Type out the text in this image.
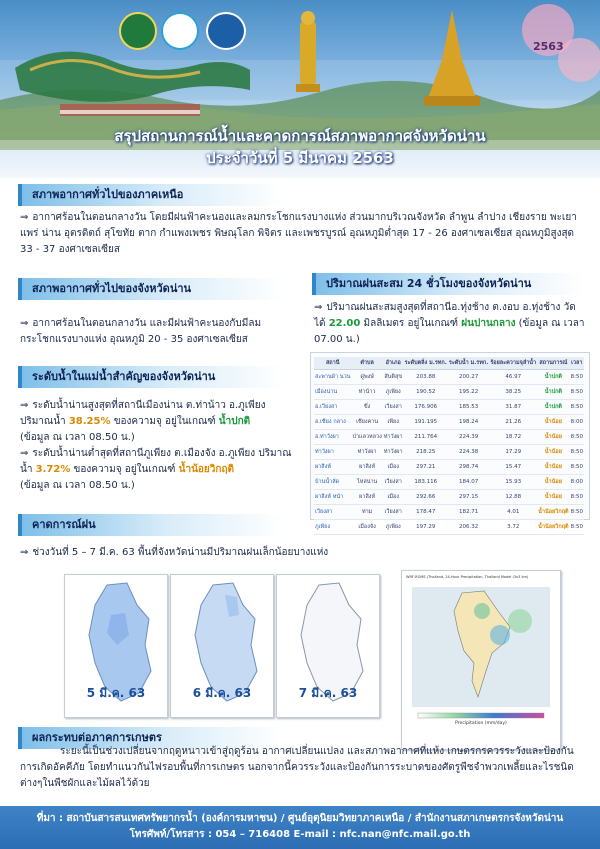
2563
สรุปสถานการณ์น้ำและคาดการณ์สภาพอากาศจังหวัดน่าน
ประจำวันที่ 5 มีนาคม 2563
สภาพอากาศทั่วไปของภาคเหนือ
⇒ อากาศร้อนในตอนกลางวัน โดยมีฝนฟ้าคะนองและลมกระโชกแรงบางแห่ง ส่วนมากบริเวณจังหวัด ลำพูน ลำปาง เชียงราย พะเยา แพร่ น่าน อุตรดิตถ์ สุโขทัย ตาก กำแพงเพชร พิษณุโลก พิจิตร และเพชรบูรณ์ อุณหภูมิต่ำสุด 17 - 26 องศาเซลเซียส อุณหภูมิสูงสุด 33 - 37 องศาเซลเซียส
สภาพอากาศทั่วไปของจังหวัดน่าน
⇒ อากาศร้อนในตอนกลางวัน และมีฝนฟ้าคะนองกับมีลมกระโชกแรงบางแห่ง อุณหภูมิ 20 - 35 องศาเซลเซียส
ระดับน้ำในแม่น้ำสำคัญของจังหวัดน่าน
⇒ ระดับน้ำน่านสูงสุดที่สถานีเมืองน่าน ต.ท่าน้าว อ.ภูเพียง ปริมาณน้ำ 38.25% ของความจุ อยู่ในเกณฑ์ น้ำปกติ
(ข้อมูล ณ เวลา 08.50 น.)
⇒ ระดับน้ำน่านต่ำสุดที่สถานีภูเพียง ต.เมืองจัง อ.ภูเพียง ปริมาณน้ำ 3.72% ของความจุ อยู่ในเกณฑ์ น้ำน้อยวิกฤติ
(ข้อมูล ณ เวลา 08.50 น.)
ปริมาณฝนสะสม 24 ชั่วโมงของจังหวัดน่าน
⇒ ปริมาณฝนสะสมสูงสุดที่สถานีอ.ทุ่งช้าง ต.งอบ อ.ทุ่งช้าง วัดได้ 22.00 มิลลิเมตร อยู่ในเกณฑ์ ฝนปานกลาง (ข้อมูล ณ เวลา 07.00 น.)
สถานี	ตำบล	อำเภอ	ระดับตลิ่ง ม.รทก.	ระดับน้ำ ม.รทก.	ร้อยละความจุลำน้ำ	สถานการณ์	เวลา
สะพานผ้า นวน	ดู่พงษ์	สันติสุข	203.88	200.27	46.97	น้ำปกติ	8:50
เมืองน่าน	ท่าน้าว	ภูเพียง	190.52	195.22	38.25	น้ำปกติ	8:50
อ.เวียงสา	ขึ่ง	เวียงสา	176.906	185.53	31.87	น้ำปกติ	8:50
อ.เชียง กลาง	เชียงคาน	เพียง	191.195	198.24	21.26	น้ำน้อย	8:00
อ.ท่าวังผา	ป่าแลวหลวง	ท่าวังผา	211.764	224.39	18.72	น้ำน้อย	8:50
ท่าวังผา	ท่าวังผา	ท่าวังผา	218.25	224.38	17.29	น้ำน้อย	8:50
ผาสิงห์	ผาสิงห์	เมือง	297.21	298.74	15.47	น้ำน้อย	8:50
บ้านน้ำลัด	ไหล่น่าน	เวียงสา	183.116	184.07	15.93	น้ำน้อย	8:00
ผาสิงห์ หน้า	ผาสิงห์	เมือง	292.66	297.15	12.88	น้ำน้อย	8:50
เวียงสา	ท่าม	เวียงสา	178.47	182.71	4.01	น้ำน้อยวิกฤติ	8:50
ภูเพียง	เมืองจัง	ภูเพียง	197.29	206.32	3.72	น้ำน้อยวิกฤติ	8:50
คาดการณ์ฝน
⇒ ช่วงวันที่ 5 – 7 มี.ค. 63 พื้นที่จังหวัดน่านมีปริมาณฝนเล็กน้อยบางแห่ง
5 มี.ค. 63	6 มี.ค. 63	7 มี.ค. 63
WRF-ROMS (Thailand, 24-Hour Precipitation, Thailand Model (3x3 km)
Precipitation (mm/day)
ผลกระทบต่อภาคการเกษตร
ระยะนี้เป็นช่วงเปลี่ยนจากฤดูหนาวเข้าสู่ฤดูร้อน อากาศเปลี่ยนแปลง และสภาพอากาศที่แห้ง เกษตรกรควรระวังและป้องกันการเกิดอัคคีภัย โดยทำแนวกันไฟรอบพื้นที่การเกษตร นอกจากนี้ควรระวังและป้องกันการระบาดของศัตรูพืชจำพวกเพลี้ยและไรชนิดต่างๆในพืชผักและไม้ผลไว้ด้วย
ที่มา : สถาบันสารสนเทศทรัพยากรน้ำ (องค์การมหาชน) / ศูนย์อุตุนิยมวิทยาภาคเหนือ / สำนักงานสภาเกษตรกรจังหวัดน่าน
โทรศัพท์/โทรสาร : 054 – 716408 E-mail : nfc.nan@nfc.mail.go.th
